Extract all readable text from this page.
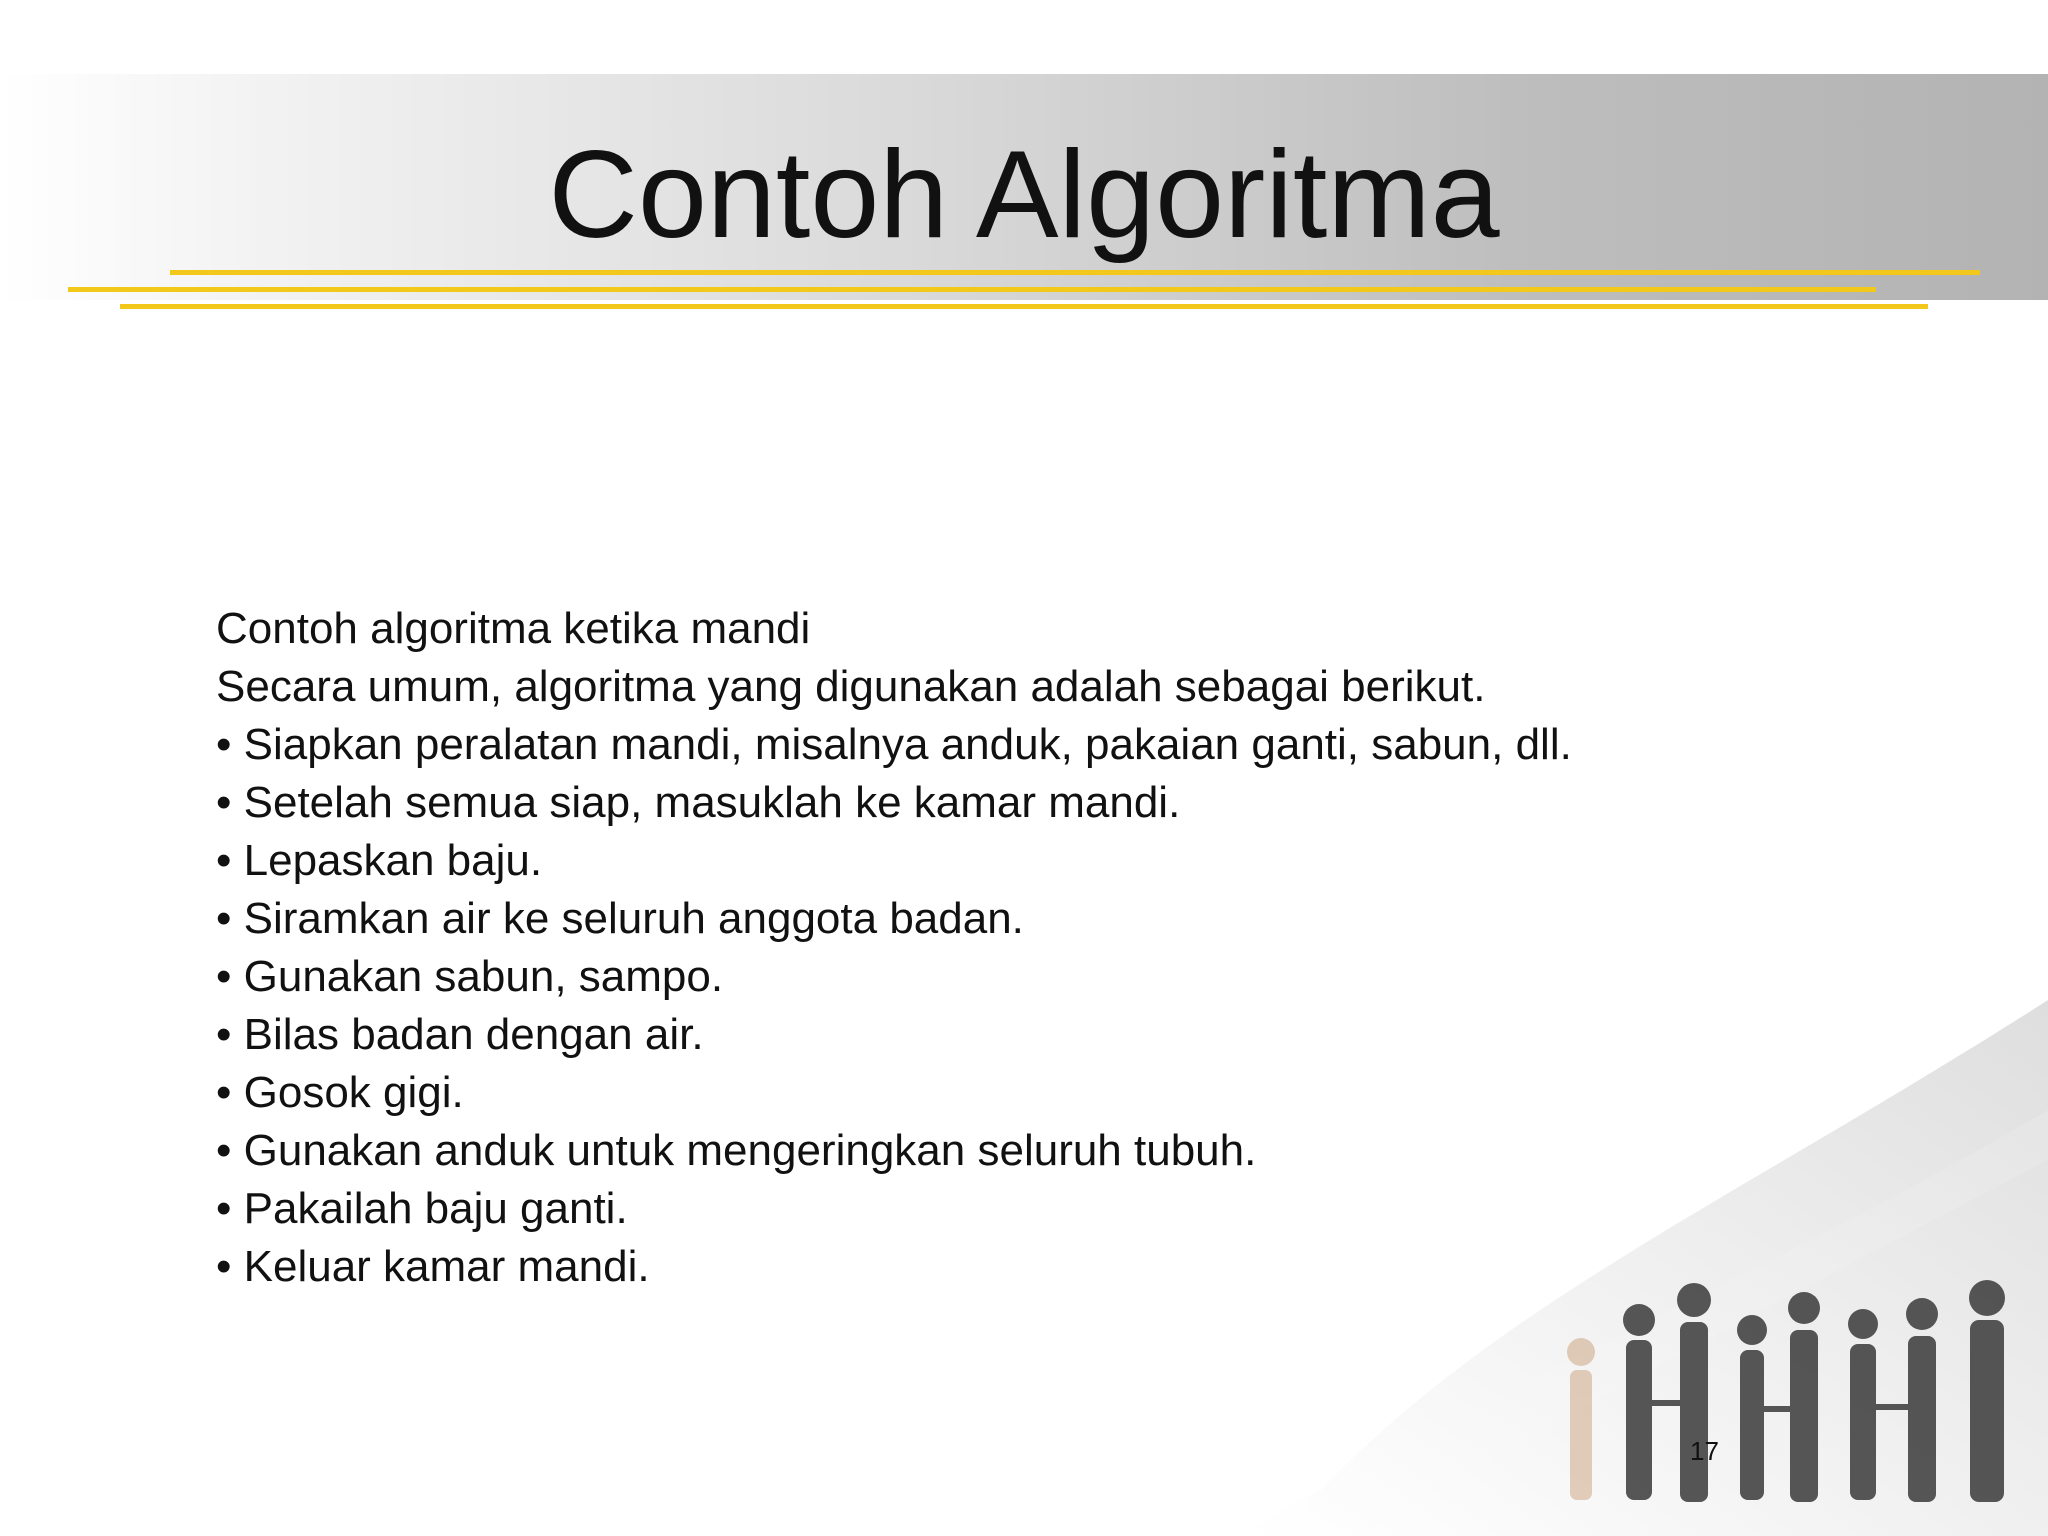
Contoh Algoritma
Contoh algoritma ketika mandi
Secara umum, algoritma yang digunakan adalah sebagai berikut.
• Siapkan peralatan mandi, misalnya anduk, pakaian ganti, sabun, dll.
• Setelah semua siap, masuklah ke kamar mandi.
• Lepaskan baju.
• Siramkan air ke seluruh anggota badan.
• Gunakan sabun, sampo.
• Bilas badan dengan air.
• Gosok gigi.
• Gunakan anduk untuk mengeringkan seluruh tubuh.
• Pakailah baju ganti.
• Keluar kamar mandi.
17
